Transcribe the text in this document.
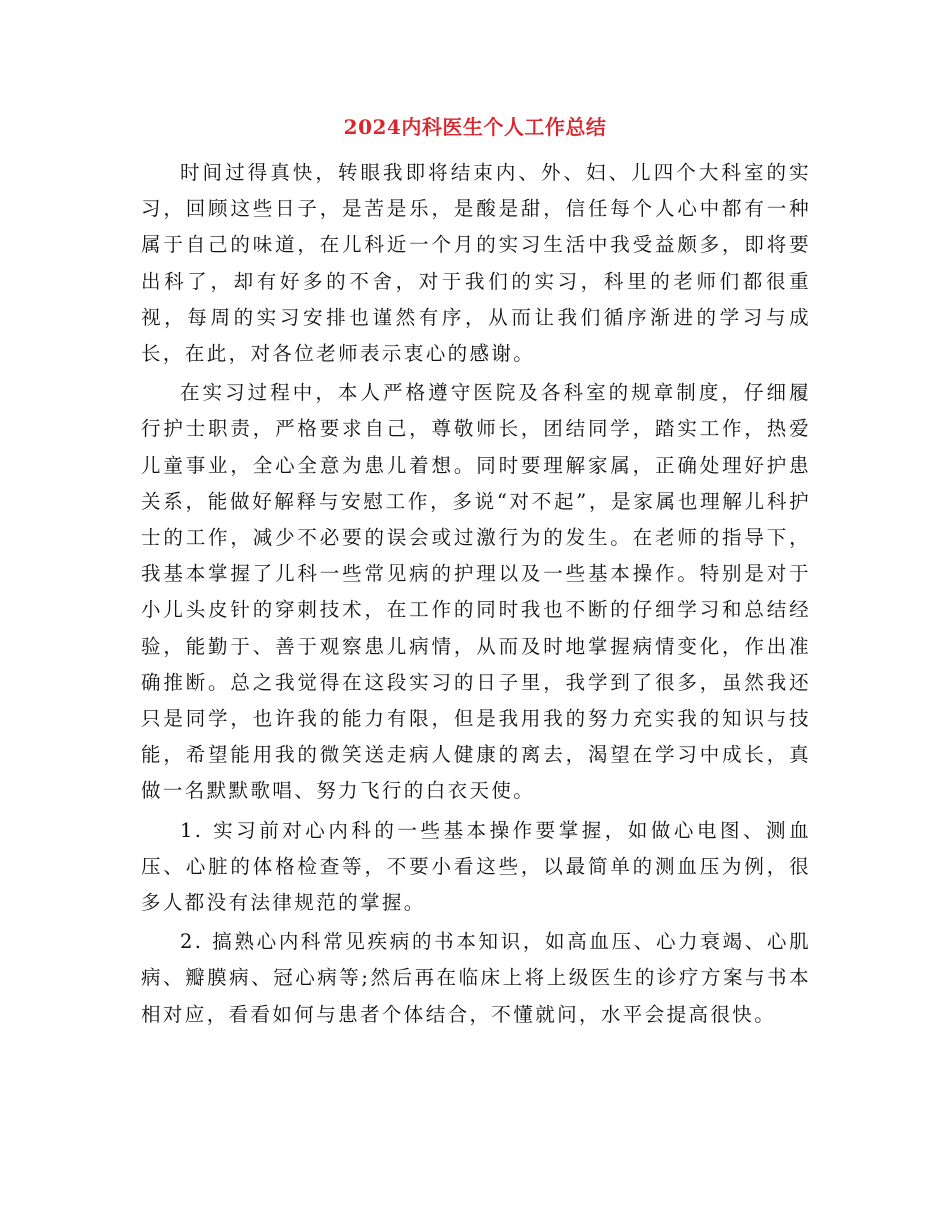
2024内科医生个人工作总结

时间过得真快，转眼我即将结束内、外、妇、儿四个大科室的实习，回顾这些日子，是苦是乐，是酸是甜，信任每个人心中都有一种属于自己的味道，在儿科近一个月的实习生活中我受益颇多，即将要出科了，却有好多的不舍，对于我们的实习，科里的老师们都很重视，每周的实习安排也谨然有序，从而让我们循序渐进的学习与成长，在此，对各位老师表示衷心的感谢。

在实习过程中，本人严格遵守医院及各科室的规章制度，仔细履行护士职责，严格要求自己，尊敬师长，团结同学，踏实工作，热爱儿童事业，全心全意为患儿着想。同时要理解家属，正确处理好护患关系，能做好解释与安慰工作，多说“对不起”，是家属也理解儿科护士的工作，减少不必要的误会或过激行为的发生。在老师的指导下，我基本掌握了儿科一些常见病的护理以及一些基本操作。特别是对于小儿头皮针的穿刺技术，在工作的同时我也不断的仔细学习和总结经验，能勤于、善于观察患儿病情，从而及时地掌握病情变化，作出准确推断。总之我觉得在这段实习的日子里，我学到了很多，虽然我还只是同学，也许我的能力有限，但是我用我的努力充实我的知识与技能，希望能用我的微笑送走病人健康的离去，渴望在学习中成长，真做一名默默歌唱、努力飞行的白衣天使。

1. 实习前对心内科的一些基本操作要掌握，如做心电图、测血压、心脏的体格检查等，不要小看这些，以最简单的测血压为例，很多人都没有法律规范的掌握。

2. 搞熟心内科常见疾病的书本知识，如高血压、心力衰竭、心肌病、瓣膜病、冠心病等;然后再在临床上将上级医生的诊疗方案与书本相对应，看看如何与患者个体结合，不懂就问，水平会提高很快。
